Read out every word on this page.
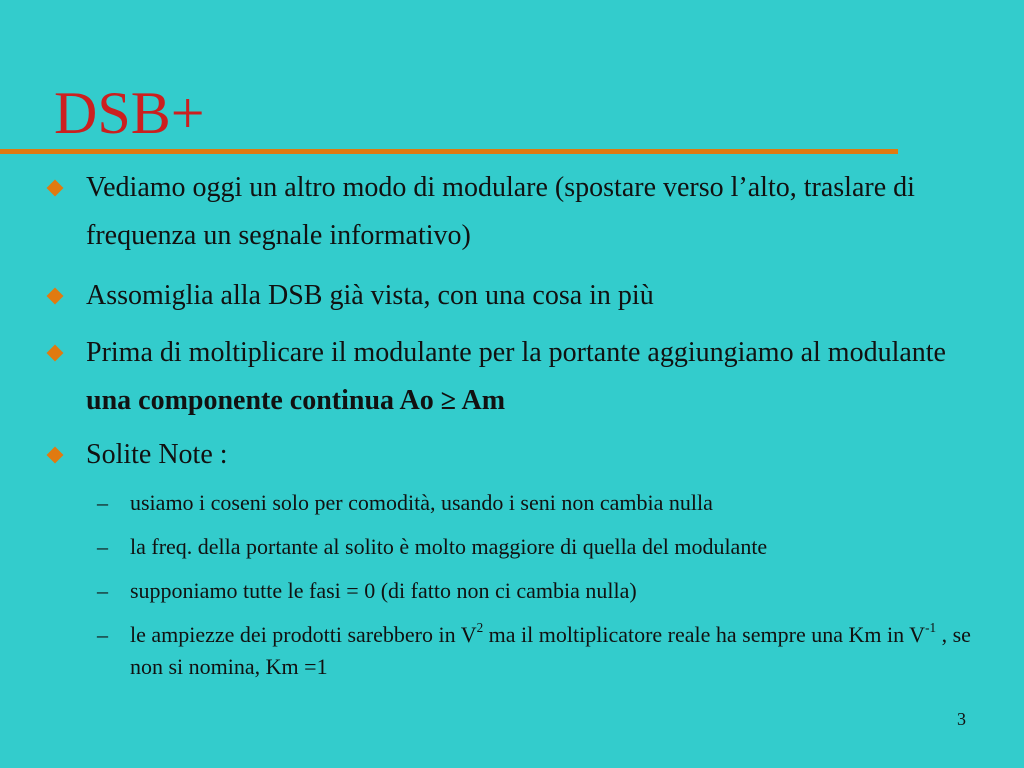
DSB+
Vediamo oggi un altro modo di modulare (spostare verso l’alto, traslare di frequenza un segnale informativo)
Assomiglia alla DSB già vista, con una cosa in più
Prima di moltiplicare il modulante per la portante aggiungiamo al modulante una componente continua Ao ≥ Am
Solite Note :
– usiamo i coseni solo per comodità, usando i seni non cambia nulla
– la freq. della portante al solito è molto maggiore di quella del modulante
– supponiamo tutte le fasi = 0 (di fatto non ci cambia nulla)
– le ampiezze dei prodotti sarebbero in $V^2$ ma il moltiplicatore reale ha sempre una Km in $V^{-1}$ , se non si nomina, Km =1
3
